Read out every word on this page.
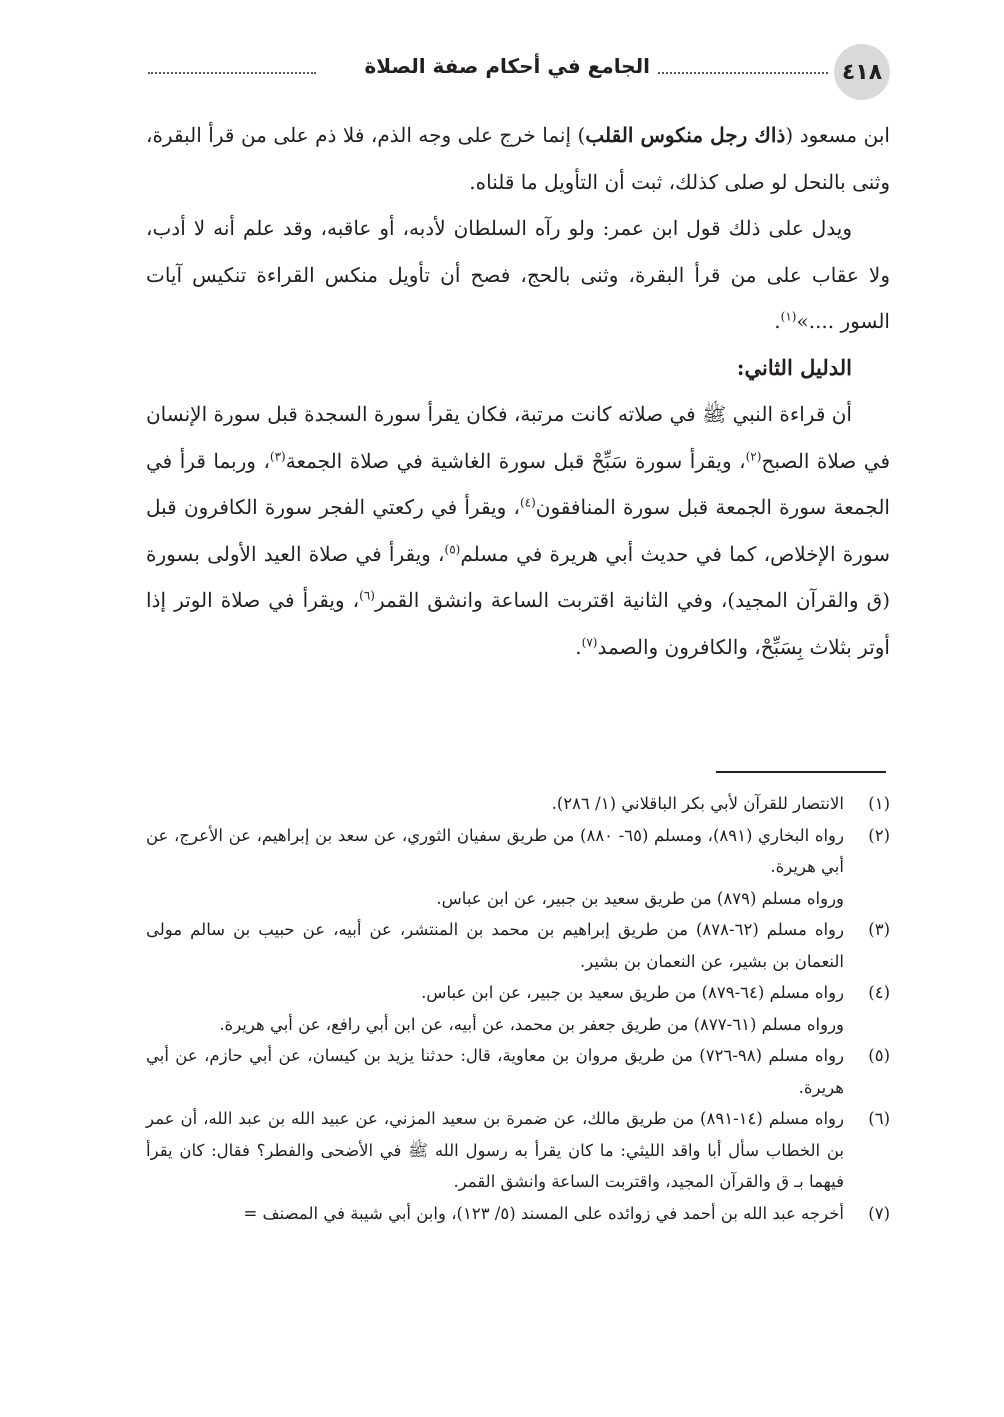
٤١٨
الجامع في أحكام صفة الصلاة

ابن مسعود (ذاك رجل منكوس القلب) إنما خرج على وجه الذم، فلا ذم على من قرأ البقرة، وثنى بالنحل لو صلى كذلك، ثبت أن التأويل ما قلناه.

ويدل على ذلك قول ابن عمر: ولو رآه السلطان لأدبه، أو عاقبه، وقد علم أنه لا أدب، ولا عقاب على من قرأ البقرة، وثنى بالحج، فصح أن تأويل منكس القراءة تنكيس آيات السور ....»$^{(١)}$.

الدليل الثاني:

أن قراءة النبي ﷺ في صلاته كانت مرتبة، فكان يقرأ سورة السجدة قبل سورة الإنسان في صلاة الصبح$^{(٢)}$، ويقرأ سورة سَبِّحْ قبل سورة الغاشية في صلاة الجمعة$^{(٣)}$، وربما قرأ في الجمعة سورة الجمعة قبل سورة المنافقون$^{(٤)}$، ويقرأ في ركعتي الفجر سورة الكافرون قبل سورة الإخلاص، كما في حديث أبي هريرة في مسلم$^{(٥)}$، ويقرأ في صلاة العيد الأولى بسورة (ق والقرآن المجيد)، وفي الثانية اقتربت الساعة وانشق القمر$^{(٦)}$، ويقرأ في صلاة الوتر إذا أوتر بثلاث بِسَبِّحْ، والكافرون والصمد$^{(٧)}$.

(١)
الانتصار للقرآن لأبي بكر الباقلاني (١/ ٢٨٦).
(٢)
رواه البخاري (٨٩١)، ومسلم (٦٥- ٨٨٠) من طريق سفيان الثوري، عن سعد بن إبراهيم، عن الأعرج، عن أبي هريرة.

ورواه مسلم (٨٧٩) من طريق سعيد بن جبير، عن ابن عباس.

(٣)
رواه مسلم (٦٢-٨٧٨) من طريق إبراهيم بن محمد بن المنتشر، عن أبيه، عن حبيب بن سالم مولى النعمان بن بشير، عن النعمان بن بشير.
(٤)
رواه مسلم (٦٤-٨٧٩) من طريق سعيد بن جبير، عن ابن عباس.

ورواه مسلم (٦١-٨٧٧) من طريق جعفر بن محمد، عن أبيه، عن ابن أبي رافع، عن أبي هريرة.

(٥)
رواه مسلم (٩٨-٧٢٦) من طريق مروان بن معاوية، قال: حدثنا يزيد بن كيسان، عن أبي حازم، عن أبي هريرة.
(٦)
رواه مسلم (١٤-٨٩١) من طريق مالك، عن ضمرة بن سعيد المزني، عن عبيد الله بن عبد الله، أن عمر بن الخطاب سأل أبا واقد الليثي: ما كان يقرأ به رسول الله ﷺ في الأضحى والفطر؟ فقال: كان يقرأ فيهما بـ ق والقرآن المجيد، واقتربت الساعة وانشق القمر.
(٧)
أخرجه عبد الله بن أحمد في زوائده على المسند (٥/ ١٢٣)، وابن أبي شيبة في المصنف =
